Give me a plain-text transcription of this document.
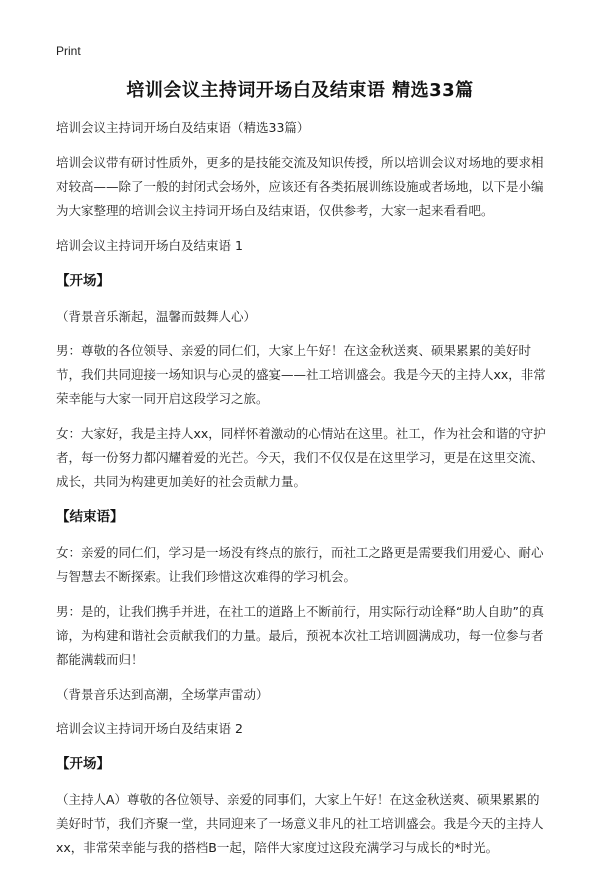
Print
培训会议主持词开场白及结束语 精选33篇

培训会议主持词开场白及结束语（精选33篇）

培训会议带有研讨性质外，更多的是技能交流及知识传授，所以培训会议对场地的要求相对较高——除了一般的封闭式会场外，应该还有各类拓展训练设施或者场地，以下是小编为大家整理的培训会议主持词开场白及结束语，仅供参考，大家一起来看看吧。

培训会议主持词开场白及结束语 1

【开场】

（背景音乐渐起，温馨而鼓舞人心）

男：尊敬的各位领导、亲爱的同仁们，大家上午好！在这金秋送爽、硕果累累的美好时节，我们共同迎接一场知识与心灵的盛宴——社工培训盛会。我是今天的主持人xx，非常荣幸能与大家一同开启这段学习之旅。

女：大家好，我是主持人xx，同样怀着激动的心情站在这里。社工，作为社会和谐的守护者，每一份努力都闪耀着爱的光芒。今天，我们不仅仅是在这里学习，更是在这里交流、成长，共同为构建更加美好的社会贡献力量。

【结束语】

女：亲爱的同仁们，学习是一场没有终点的旅行，而社工之路更是需要我们用爱心、耐心与智慧去不断探索。让我们珍惜这次难得的学习机会。

男：是的，让我们携手并进，在社工的道路上不断前行，用实际行动诠释“助人自助”的真谛，为构建和谐社会贡献我们的力量。最后，预祝本次社工培训圆满成功，每一位参与者都能满载而归！

（背景音乐达到高潮，全场掌声雷动）

培训会议主持词开场白及结束语 2

【开场】

（主持人A）尊敬的各位领导、亲爱的同事们，大家上午好！在这金秋送爽、硕果累累的美好时节，我们齐聚一堂，共同迎来了一场意义非凡的社工培训盛会。我是今天的主持人xx，非常荣幸能与我的搭档B一起，陪伴大家度过这段充满学习与成长的*时光。
